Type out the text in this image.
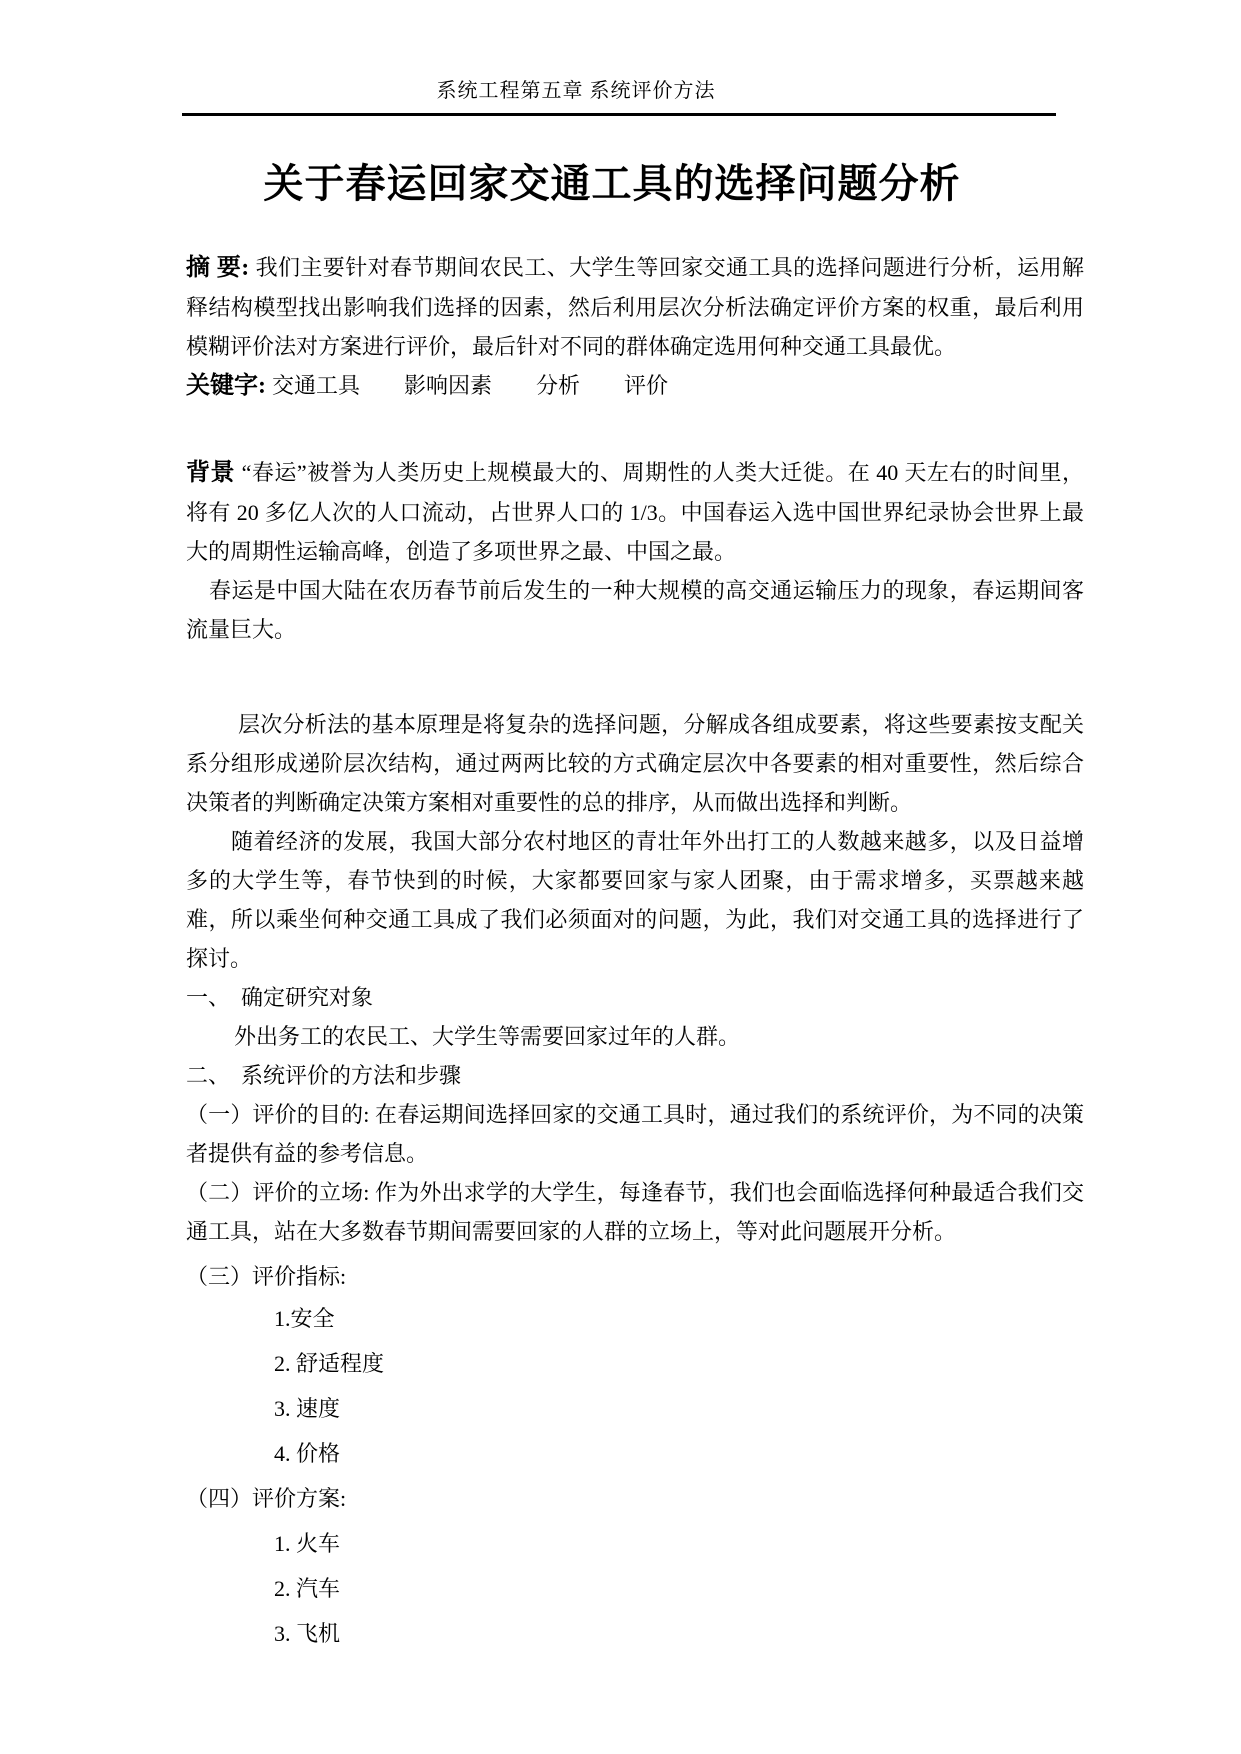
系统工程第五章 系统评价方法

关于春运回家交通工具的选择问题分析

摘 要: 我们主要针对春节期间农民工、大学生等回家交通工具的选择问题进行分析，运用解释结构模型找出影响我们选择的因素，然后利用层次分析法确定评价方案的权重，最后利用模糊评价法对方案进行评价，最后针对不同的群体确定选用何种交通工具最优。

关键字: 交通工具 影响因素 分析 评价

背景 “春运”被誉为人类历史上规模最大的、周期性的人类大迁徙。在 40 天左右的时间里，将有 20 多亿人次的人口流动，占世界人口的 1/3。中国春运入选中国世界纪录协会世界上最大的周期性运输高峰，创造了多项世界之最、中国之最。

春运是中国大陆在农历春节前后发生的一种大规模的高交通运输压力的现象，春运期间客流量巨大。

层次分析法的基本原理是将复杂的选择问题，分解成各组成要素，将这些要素按支配关系分组形成递阶层次结构，通过两两比较的方式确定层次中各要素的相对重要性，然后综合决策者的判断确定决策方案相对重要性的总的排序，从而做出选择和判断。

随着经济的发展，我国大部分农村地区的青壮年外出打工的人数越来越多，以及日益增多的大学生等，春节快到的时候，大家都要回家与家人团聚，由于需求增多，买票越来越难，所以乘坐何种交通工具成了我们必须面对的问题，为此，我们对交通工具的选择进行了探讨。

一、　确定研究对象

外出务工的农民工、大学生等需要回家过年的人群。

二、　系统评价的方法和步骤

（一）评价的目的: 在春运期间选择回家的交通工具时，通过我们的系统评价，为不同的决策者提供有益的参考信息。

（二）评价的立场: 作为外出求学的大学生，每逢春节，我们也会面临选择何种最适合我们交通工具，站在大多数春节期间需要回家的人群的立场上，等对此问题展开分析。

（三）评价指标:

1.安全
2. 舒适程度
3. 速度
4. 价格

（四）评价方案:

1. 火车
2. 汽车
3. 飞机
